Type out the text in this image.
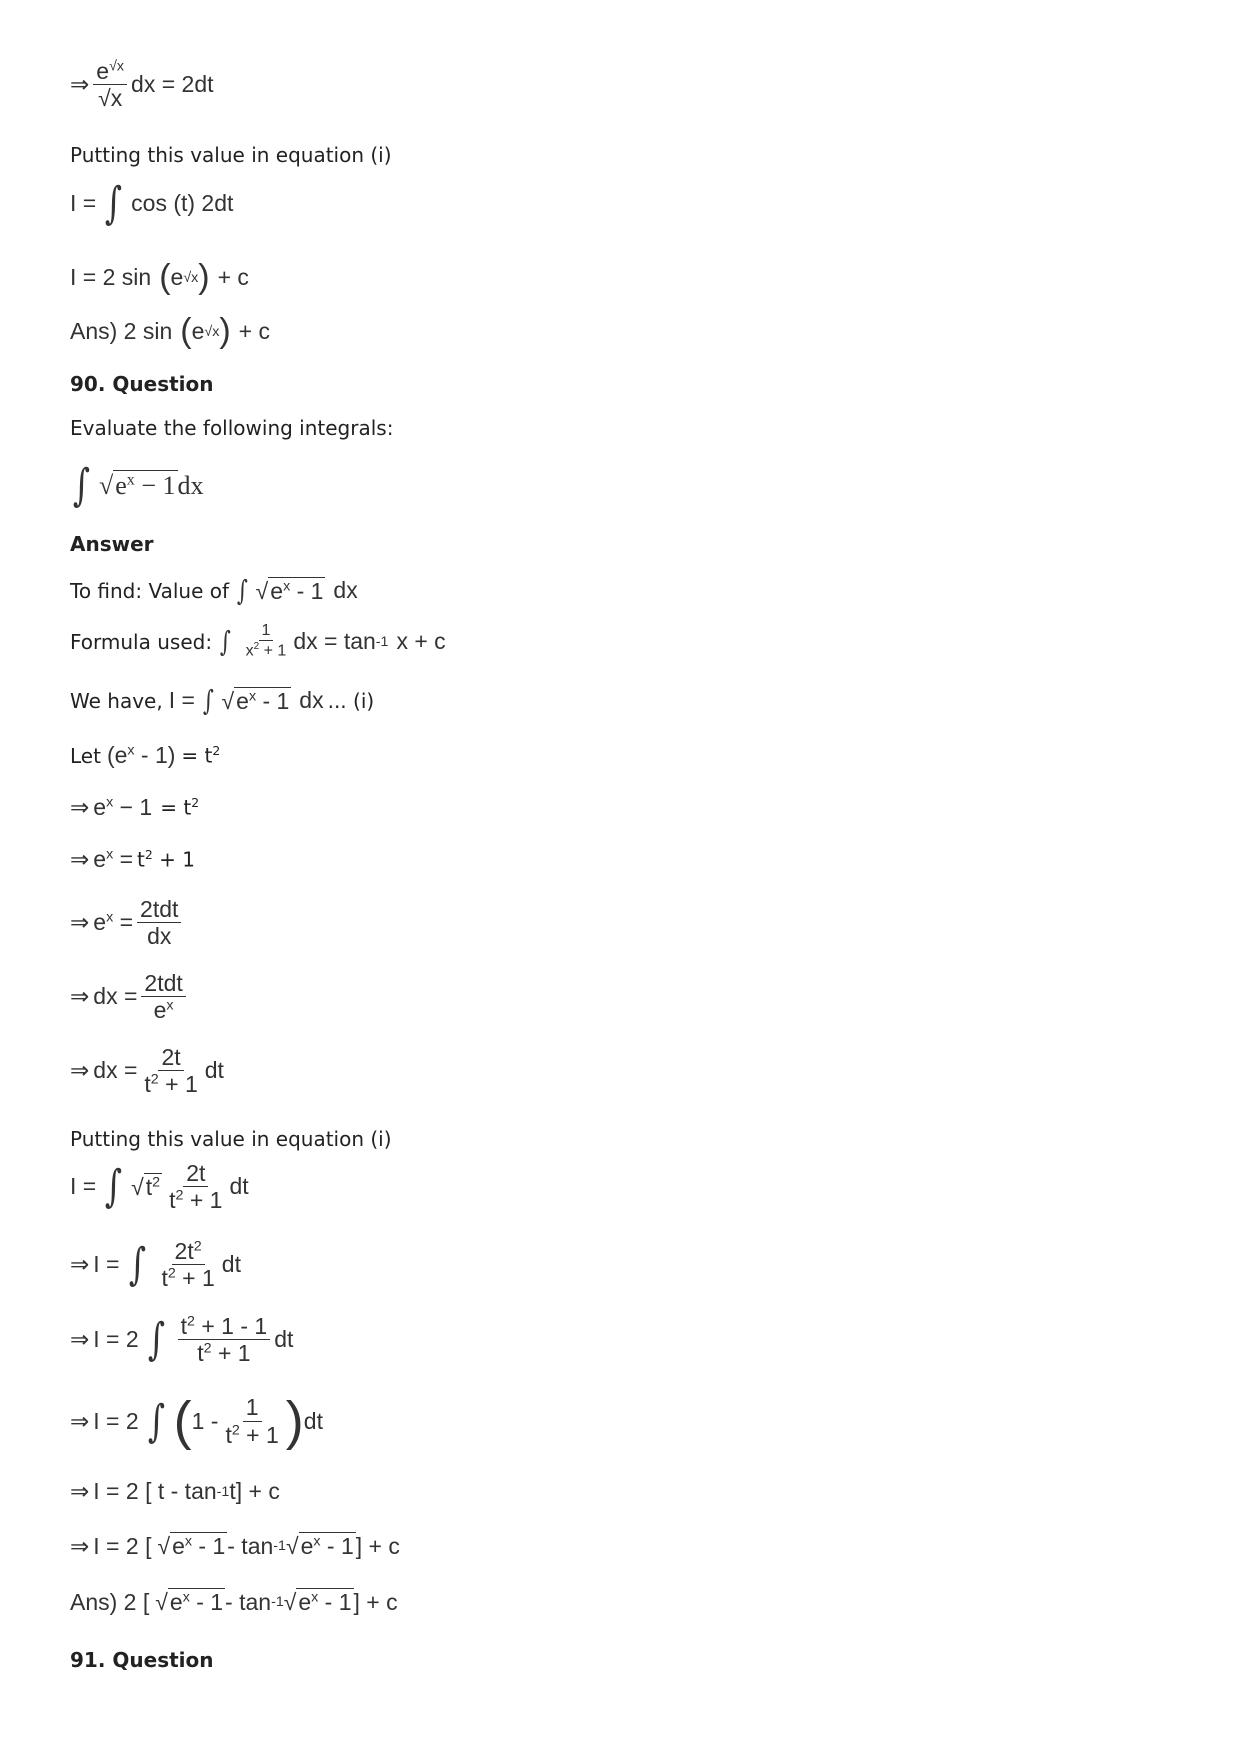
⇒ $\frac{e^{√x}}{√x}$ dx = 2dt
Putting this value in equation (i)
I = ∫ cos (t) 2dt
I = 2 sin ( e √x ) + c
Ans) 2 sin ( e √x ) + c
90. Question
Evaluate the following integrals:
∫ √ $e^x - 1$ dx
Answer
To find: Value of ∫ √ $e^x - 1$ dx
Formula used: ∫ $\frac{1}{x^2 + 1}$ dx = tan -1 x + c
We have, I = ∫ √ $e^x - 1$ dx ... (i)
Let $(e^x - 1) = t^2$
⇒ $e^x - 1 = t^2$
⇒ $e^x = t^2 + 1$
⇒ $e^x = \frac{\text{2tdt}}{dx}$
⇒ dx = $\frac{\text{2tdt}}{e^x}$
⇒ dx = $\frac{2t}{t^2 + 1}$ dt
Putting this value in equation (i)
I = ∫ √ $t^2 \frac{2t}{t^2 + 1}$ dt
⇒ I = ∫ $\frac{2t^2}{t^2 + 1}$ dt
⇒ I = 2 ∫ $\frac{t^2 + 1 - 1}{t^2 + 1}$ dt
⇒ I = 2 ∫ ( $1 - \frac{1}{t^2 + 1}$ ) dt
⇒ I = 2 [ t - tan -1 t] + c
⇒ I = 2 [ √ $e^x - 1$ - tan -1 √ $e^x - 1$ ] + c
Ans) 2 [ √ $e^x - 1$ - tan -1 √ $e^x - 1$ ] + c
91. Question
